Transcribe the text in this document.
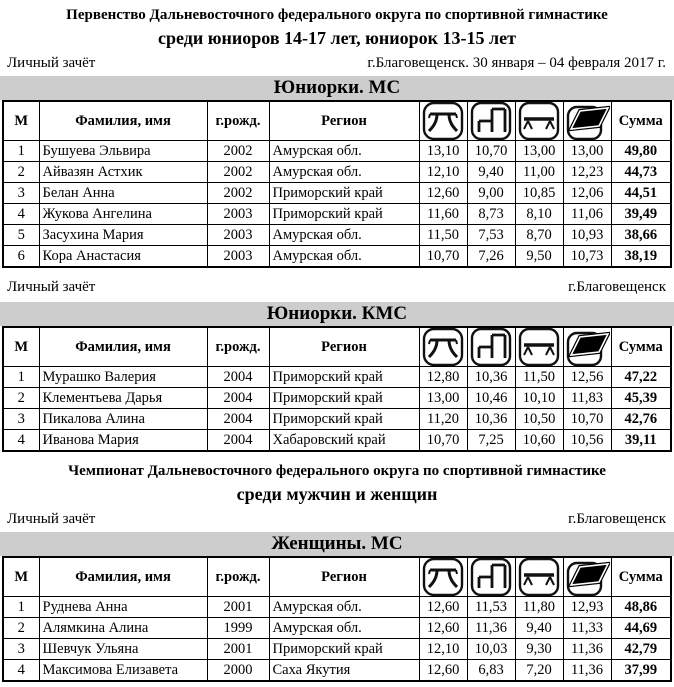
Первенство Дальневосточного федерального округа по спортивной гимнастике
среди юниоров 14-17 лет, юниорок 13-15 лет
Личный зачёт	г.Благовещенск. 30 января – 04 февраля 2017 г.
Юниорки. МС
М	Фамилия, имя	г.рожд.	Регион					Сумма
1	Бушуева Эльвира	2002	Амурская обл.	13,10	10,70	13,00	13,00	49,80
2	Айвазян Астхик	2002	Амурская обл.	12,10	9,40	11,00	12,23	44,73
3	Белан Анна	2002	Приморский край	12,60	9,00	10,85	12,06	44,51
4	Жукова Ангелина	2003	Приморский край	11,60	8,73	8,10	11,06	39,49
5	Засухина Мария	2003	Амурская обл.	11,50	7,53	8,70	10,93	38,66
6	Кора Анастасия	2003	Амурская обл.	10,70	7,26	9,50	10,73	38,19
Личный зачёт	г.Благовещенск
Юниорки. КМС
М	Фамилия, имя	г.рожд.	Регион					Сумма
1	Мурашко Валерия	2004	Приморский край	12,80	10,36	11,50	12,56	47,22
2	Клементьева Дарья	2004	Приморский край	13,00	10,46	10,10	11,83	45,39
3	Пикалова Алина	2004	Приморский край	11,20	10,36	10,50	10,70	42,76
4	Иванова Мария	2004	Хабаровский край	10,70	7,25	10,60	10,56	39,11
Чемпионат Дальневосточного федерального округа по спортивной гимнастике
среди мужчин и женщин
Личный зачёт	г.Благовещенск
Женщины. МС
М	Фамилия, имя	г.рожд.	Регион					Сумма
1	Руднева Анна	2001	Амурская обл.	12,60	11,53	11,80	12,93	48,86
2	Алямкина Алина	1999	Амурская обл.	12,60	11,36	9,40	11,33	44,69
3	Шевчук Ульяна	2001	Приморский край	12,10	10,03	9,30	11,36	42,79
4	Максимова Елизавета	2000	Саха Якутия	12,60	6,83	7,20	11,36	37,99
